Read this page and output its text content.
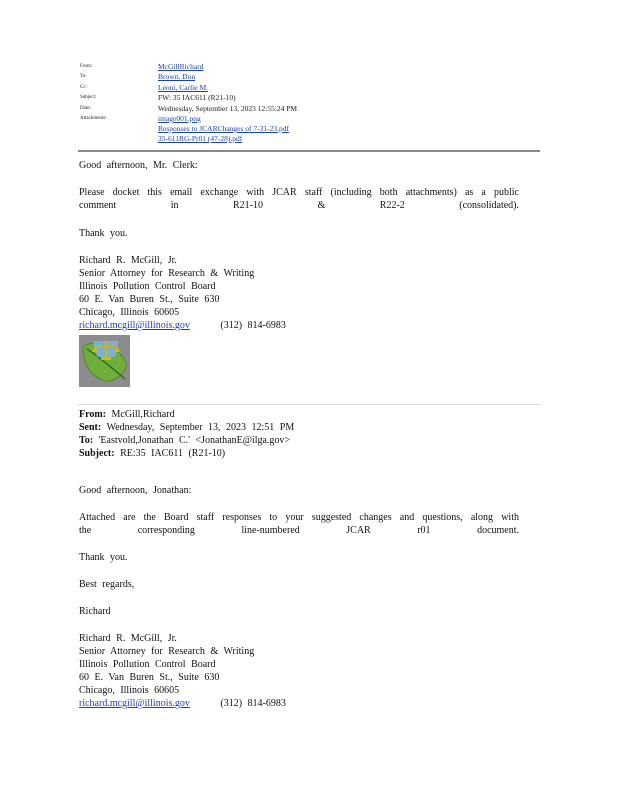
From:	McGillRichard
To:	Brown, Don
Cc:	Leoni, Carlie M.
Subject:	FW: 35 IAC611 (R21-10)
Date:	Wednesday, September 13, 2023 12:55:24 PM
Attachments:	image001.png
Responses to JCARChanges of 7-31-23.pdf
35-611RG-Pr01 (47-28).pdf
Good afternoon, Mr. Clerk:
Please docket this email exchange with JCAR staff (including both attachments) as a public
comment in R21-10 & R22-2 (consolidated).
Thank you.
Richard R. McGill, Jr.
Senior Attorney for Research & Writing
Illinois Pollution Control Board
60 E. Van Buren St., Suite 630
Chicago, Illinois 60605
richard.mcgill@illinois.gov	(312) 814-6983
From: McGill,Richard
Sent: Wednesday, September 13, 2023 12:51 PM
To: 'Eastvold,Jonathan C.' <JonathanE@ilga.gov>
Subject: RE:35 IAC611 (R21-10)
Good afternoon, Jonathan:
Attached are the Board staff responses to your suggested changes and questions, along with
the corresponding line-numbered JCAR r01 document.
Thank you.
Best regards,
Richard
Richard R. McGill, Jr.
Senior Attorney for Research & Writing
Illinois Pollution Control Board
60 E. Van Buren St., Suite 630
Chicago, Illinois 60605
richard.mcgill@illinois.gov	(312) 814-6983
